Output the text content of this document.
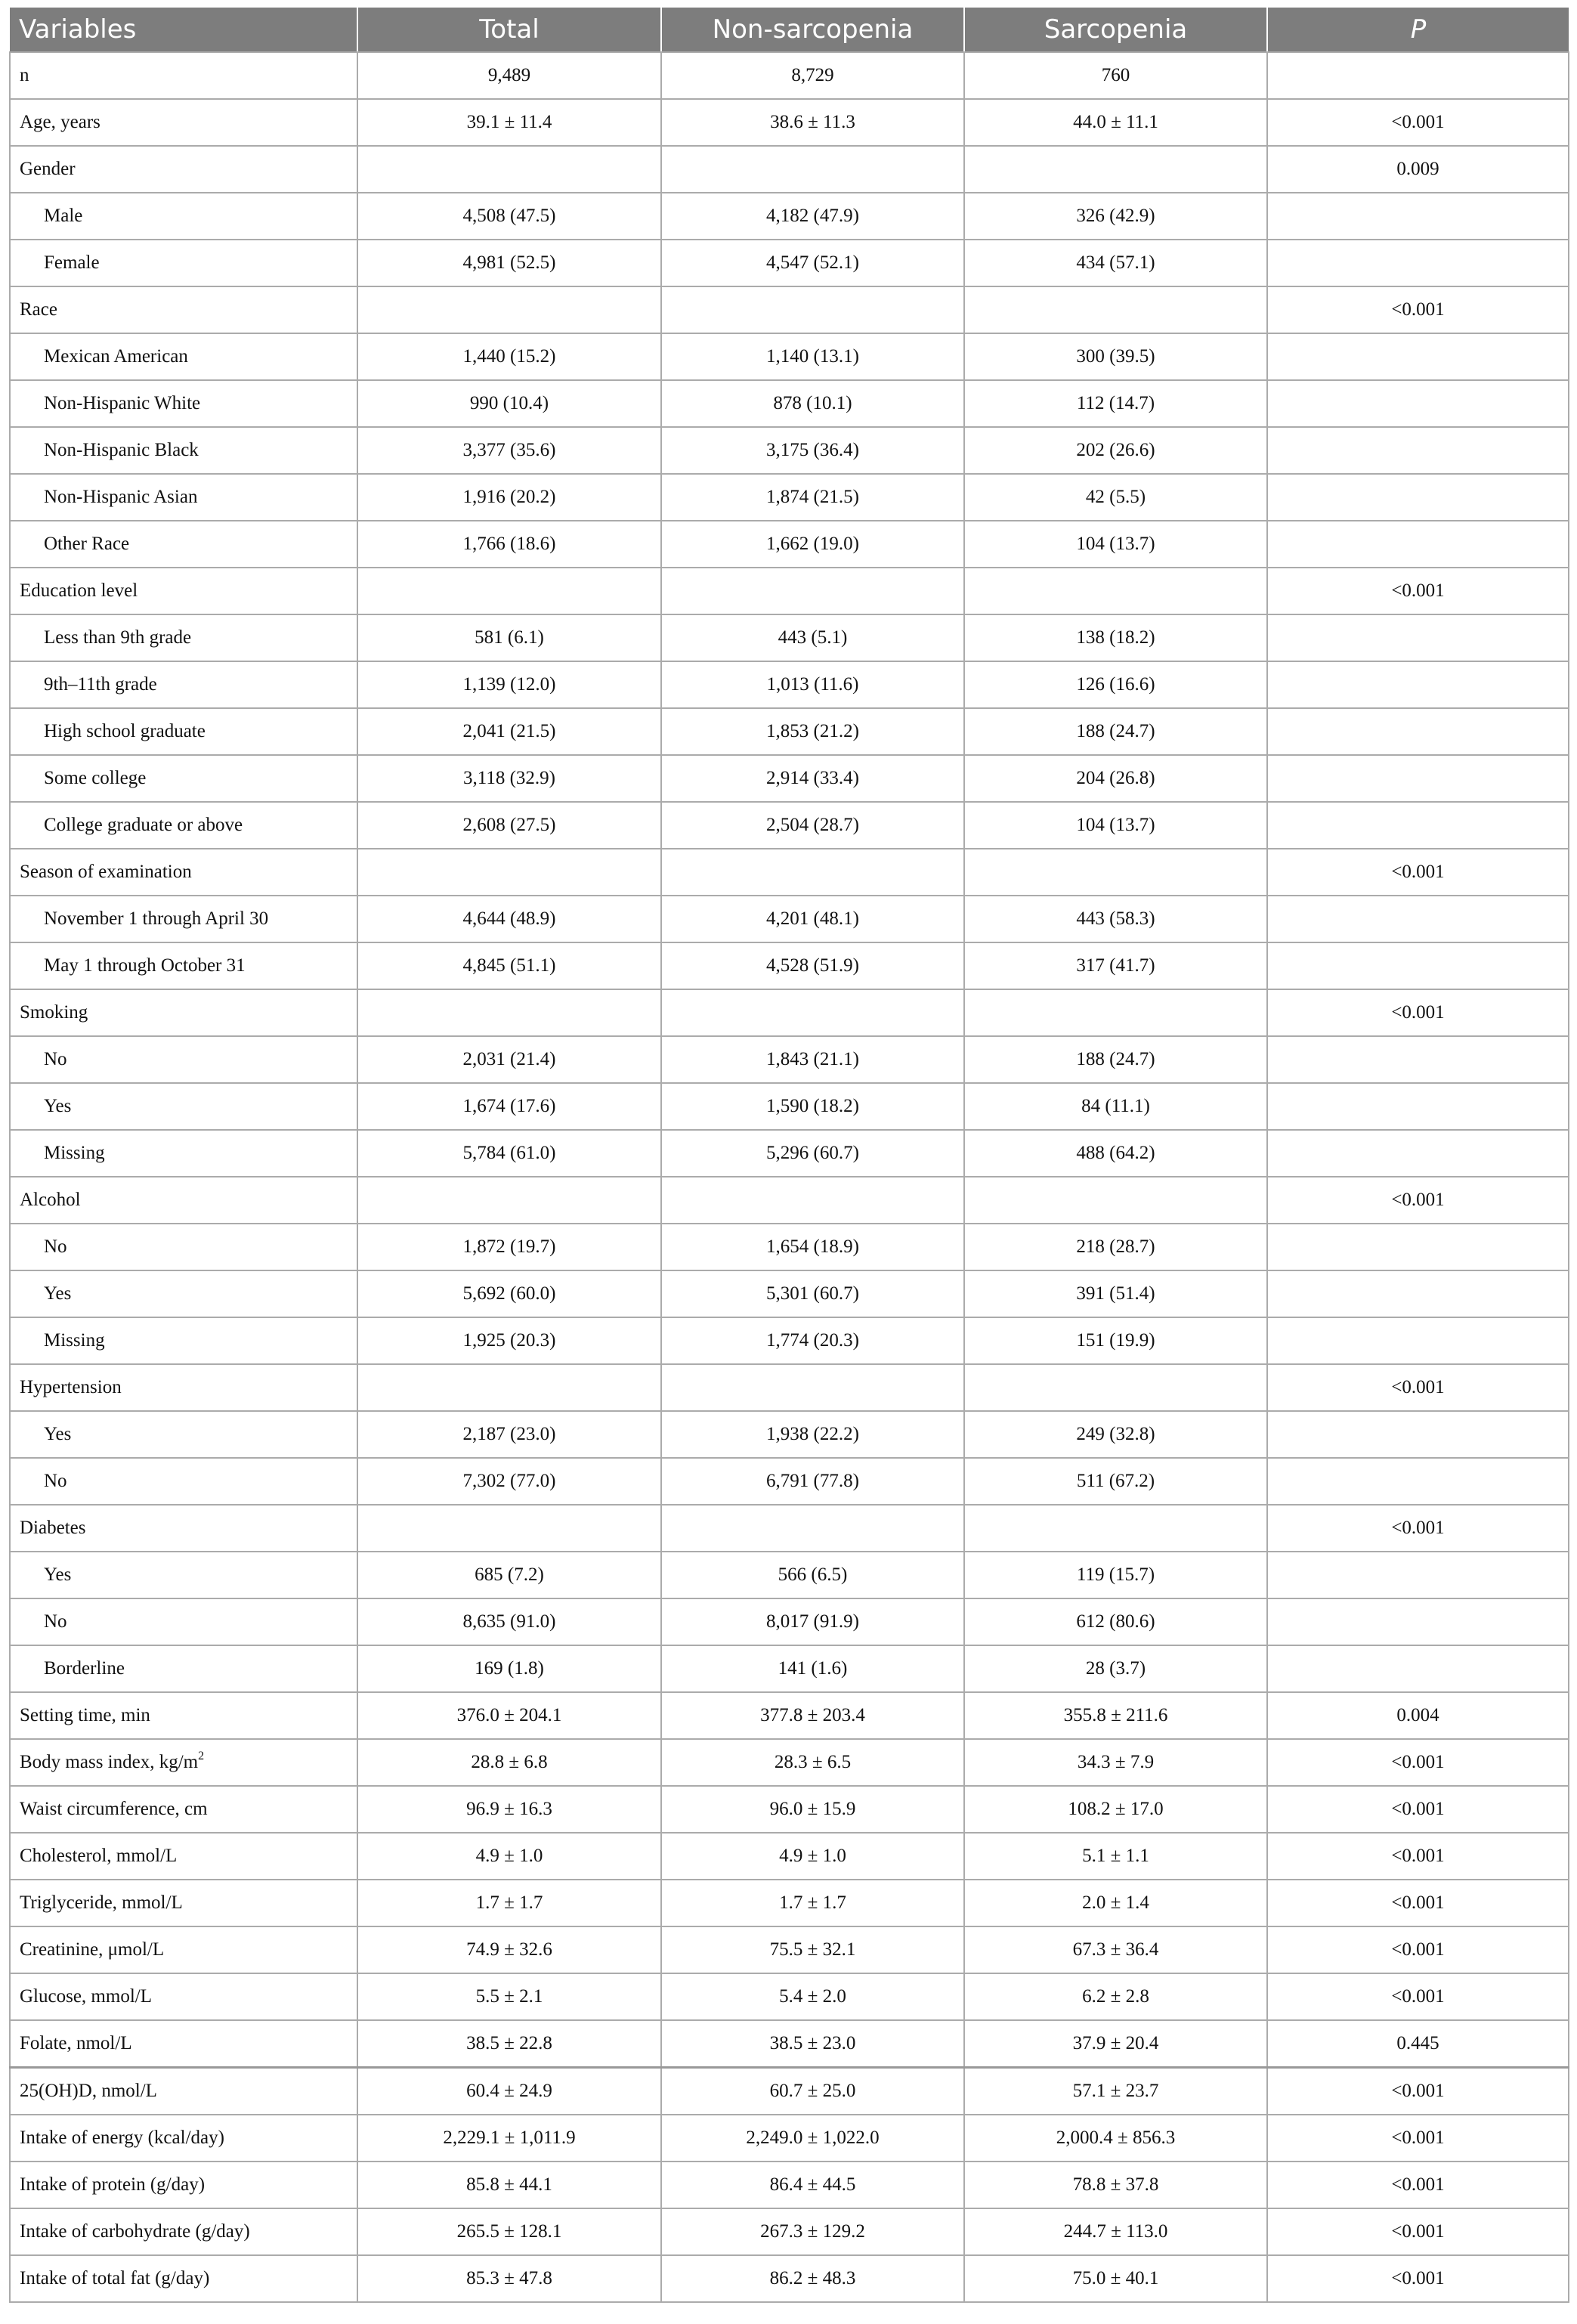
Variables	Total	Non-sarcopenia	Sarcopenia	P
n	9,489	8,729	760	
Age, years	39.1 ± 11.4	38.6 ± 11.3	44.0 ± 11.1	<0.001
Gender				0.009
Male	4,508 (47.5)	4,182 (47.9)	326 (42.9)	
Female	4,981 (52.5)	4,547 (52.1)	434 (57.1)	
Race				<0.001
Mexican American	1,440 (15.2)	1,140 (13.1)	300 (39.5)	
Non-Hispanic White	990 (10.4)	878 (10.1)	112 (14.7)	
Non-Hispanic Black	3,377 (35.6)	3,175 (36.4)	202 (26.6)	
Non-Hispanic Asian	1,916 (20.2)	1,874 (21.5)	42 (5.5)	
Other Race	1,766 (18.6)	1,662 (19.0)	104 (13.7)	
Education level				<0.001
Less than 9th grade	581 (6.1)	443 (5.1)	138 (18.2)	
9th–11th grade	1,139 (12.0)	1,013 (11.6)	126 (16.6)	
High school graduate	2,041 (21.5)	1,853 (21.2)	188 (24.7)	
Some college	3,118 (32.9)	2,914 (33.4)	204 (26.8)	
College graduate or above	2,608 (27.5)	2,504 (28.7)	104 (13.7)	
Season of examination				<0.001
November 1 through April 30	4,644 (48.9)	4,201 (48.1)	443 (58.3)	
May 1 through October 31	4,845 (51.1)	4,528 (51.9)	317 (41.7)	
Smoking				<0.001
No	2,031 (21.4)	1,843 (21.1)	188 (24.7)	
Yes	1,674 (17.6)	1,590 (18.2)	84 (11.1)	
Missing	5,784 (61.0)	5,296 (60.7)	488 (64.2)	
Alcohol				<0.001
No	1,872 (19.7)	1,654 (18.9)	218 (28.7)	
Yes	5,692 (60.0)	5,301 (60.7)	391 (51.4)	
Missing	1,925 (20.3)	1,774 (20.3)	151 (19.9)	
Hypertension				<0.001
Yes	2,187 (23.0)	1,938 (22.2)	249 (32.8)	
No	7,302 (77.0)	6,791 (77.8)	511 (67.2)	
Diabetes				<0.001
Yes	685 (7.2)	566 (6.5)	119 (15.7)	
No	8,635 (91.0)	8,017 (91.9)	612 (80.6)	
Borderline	169 (1.8)	141 (1.6)	28 (3.7)	
Setting time, min	376.0 ± 204.1	377.8 ± 203.4	355.8 ± 211.6	0.004
Body mass index, $kg/m^2$	28.8 ± 6.8	28.3 ± 6.5	34.3 ± 7.9	<0.001
Waist circumference, cm	96.9 ± 16.3	96.0 ± 15.9	108.2 ± 17.0	<0.001
Cholesterol, mmol/L	4.9 ± 1.0	4.9 ± 1.0	5.1 ± 1.1	<0.001
Triglyceride, mmol/L	1.7 ± 1.7	1.7 ± 1.7	2.0 ± 1.4	<0.001
Creatinine, μmol/L	74.9 ± 32.6	75.5 ± 32.1	67.3 ± 36.4	<0.001
Glucose, mmol/L	5.5 ± 2.1	5.4 ± 2.0	6.2 ± 2.8	<0.001
Folate, nmol/L	38.5 ± 22.8	38.5 ± 23.0	37.9 ± 20.4	0.445
25(OH)D, nmol/L	60.4 ± 24.9	60.7 ± 25.0	57.1 ± 23.7	<0.001
Intake of energy (kcal/day)	2,229.1 ± 1,011.9	2,249.0 ± 1,022.0	2,000.4 ± 856.3	<0.001
Intake of protein (g/day)	85.8 ± 44.1	86.4 ± 44.5	78.8 ± 37.8	<0.001
Intake of carbohydrate (g/day)	265.5 ± 128.1	267.3 ± 129.2	244.7 ± 113.0	<0.001
Intake of total fat (g/day)	85.3 ± 47.8	86.2 ± 48.3	75.0 ± 40.1	<0.001
